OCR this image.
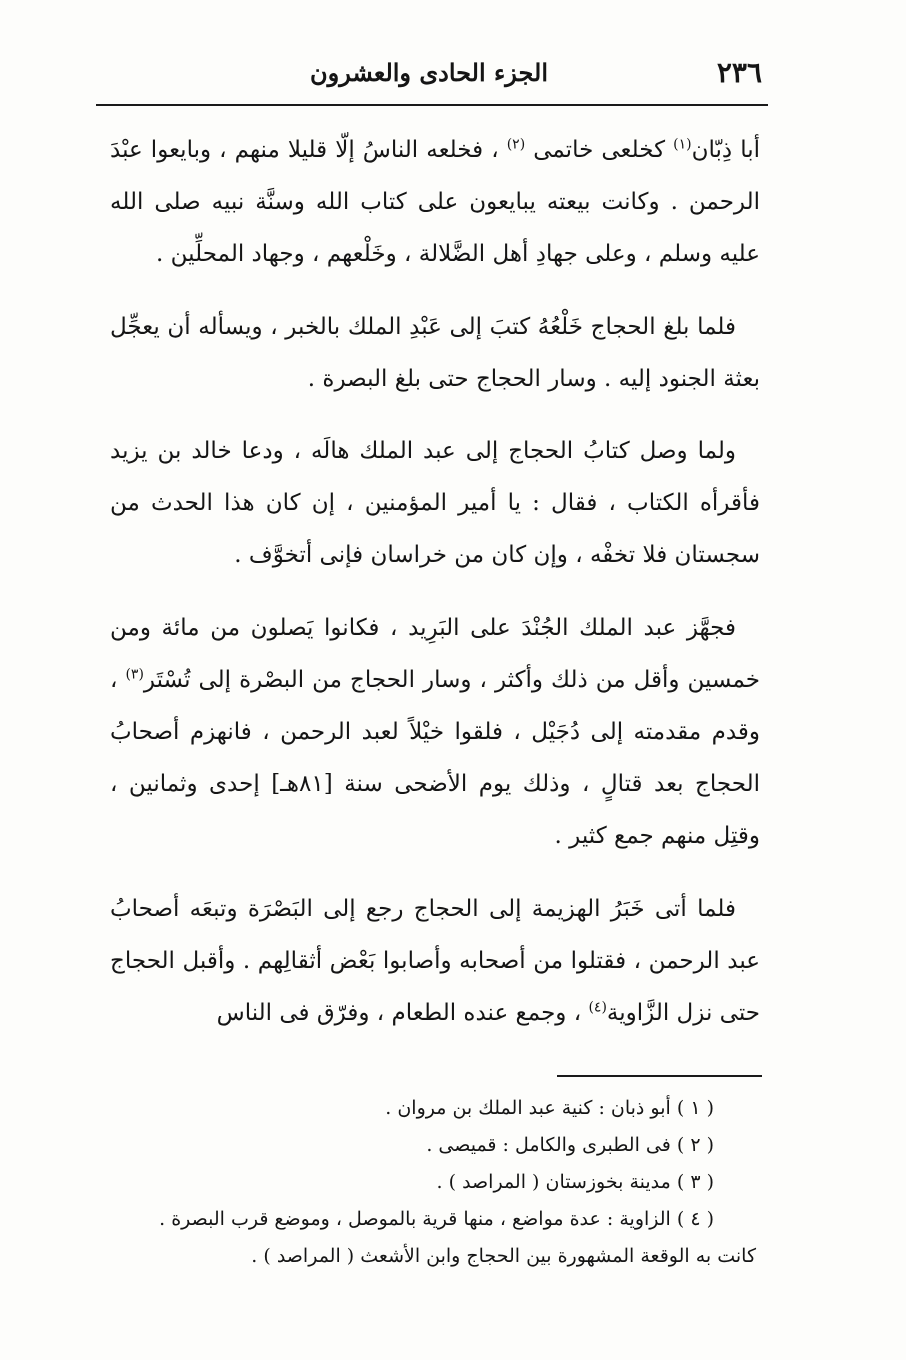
٢٣٦
الجزء الحادى والعشرون

أبا ذِبّان$^{(١)}$ كخلعى خاتمى $^{(٢)}$ ، فخلعه الناسُ إلّا قليلا منهم ، وبايعوا عبْدَ الرحمن . وكانت بيعته يبايعون على كتاب الله وسنَّة نبيه صلى الله عليه وسلم ، وعلى جهادِ أهل الضَّلالة ، وخَلْعهم ، وجهاد المحلِّين .

فلما بلغ الحجاج خَلْعُهُ كتبَ إلى عَبْدِ الملك بالخبر ، ويسأله أن يعجِّل بعثة الجنود إليه . وسار الحجاج حتى بلغ البصرة .

ولما وصل كتابُ الحجاج إلى عبد الملك هالَه ، ودعا خالد بن يزيد فأقرأه الكتاب ، فقال : يا أمير المؤمنين ، إن كان هذا الحدث من سجستان فلا تخفْه ، وإن كان من خراسان فإنى أتخوَّف .

فجهَّز عبد الملك الجُنْدَ على البَرِيد ، فكانوا يَصلون من مائة ومن خمسين وأقل من ذلك وأكثر ، وسار الحجاج من البصْرة إلى تُسْتَر$^{(٣)}$ ، وقدم مقدمته إلى دُجَيْل ، فلقوا خيْلاً لعبد الرحمن ، فانهزم أصحابُ الحجاج بعد قتالٍ ، وذلك يوم الأضحى سنة [٨١هـ] إحدى وثمانين ، وقتِل منهم جمع كثير .

فلما أتى خَبَرُ الهزيمة إلى الحجاج رجع إلى البَصْرَة وتبعَه أصحابُ عبد الرحمن ، فقتلوا من أصحابه وأصابوا بَعْض أثقالِهم . وأقبل الحجاج حتى نزل الزَّاوية$^{(٤)}$ ، وجمع عنده الطعام ، وفرّق فى الناس

( ١ ) أبو ذبان : كنية عبد الملك بن مروان .

( ٢ ) فى الطبرى والكامل : قميصى .

( ٣ ) مدينة بخوزستان ( المراصد ) .

( ٤ ) الزاوية : عدة مواضع ، منها قرية بالموصل ، وموضع قرب البصرة .

كانت به الوقعة المشهورة بين الحجاج وابن الأشعث ( المراصد ) .
